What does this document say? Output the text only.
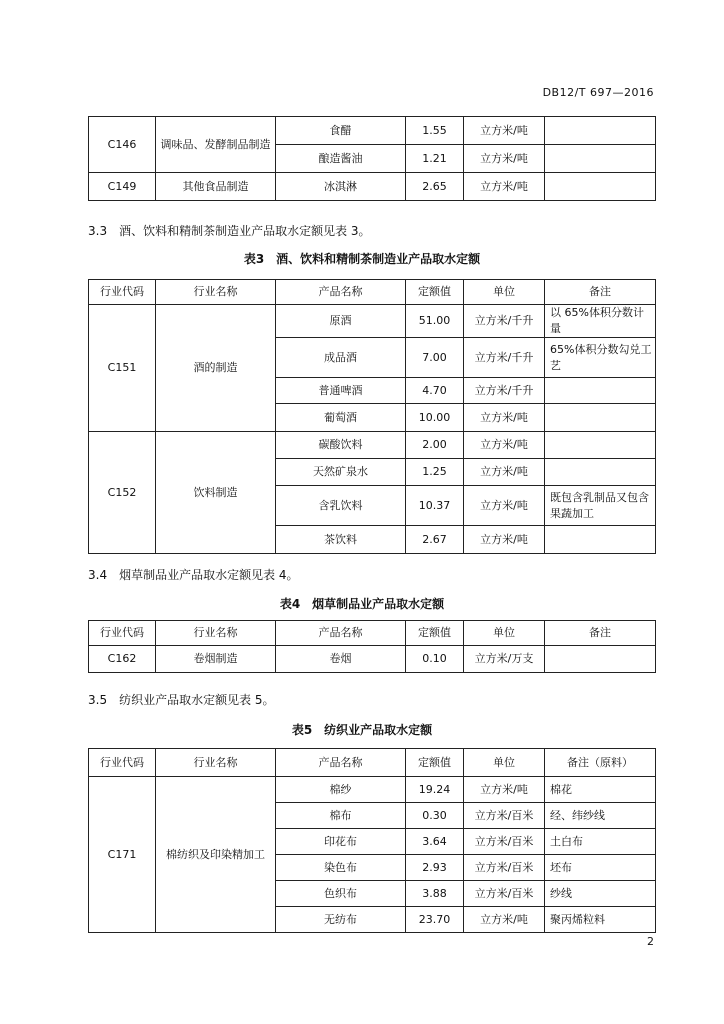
DB12/T 697—2016
C146	调味品、发酵制品制造	食醋	1.55	立方米/吨	
		酿造酱油	1.21	立方米/吨	
C149	其他食品制造	冰淇淋	2.65	立方米/吨	
3.3　酒、饮料和精制茶制造业产品取水定额见表 3。
表3　酒、饮料和精制茶制造业产品取水定额
行业代码	行业名称	产品名称	定额值	单位	备注
C151	酒的制造	原酒	51.00	立方米/千升	以 65%体积分数计量
		成品酒	7.00	立方米/千升	65%体积分数勾兑工艺
		普通啤酒	4.70	立方米/千升	
		葡萄酒	10.00	立方米/吨	
C152	饮料制造	碳酸饮料	2.00	立方米/吨	
		天然矿泉水	1.25	立方米/吨	
		含乳饮料	10.37	立方米/吨	既包含乳制品又包含果蔬加工
		茶饮料	2.67	立方米/吨	
3.4　烟草制品业产品取水定额见表 4。
表4　烟草制品业产品取水定额
行业代码	行业名称	产品名称	定额值	单位	备注
C162	卷烟制造	卷烟	0.10	立方米/万支	
3.5　纺织业产品取水定额见表 5。
表5　纺织业产品取水定额
行业代码	行业名称	产品名称	定额值	单位	备注（原料）
C171	棉纺织及印染精加工	棉纱	19.24	立方米/吨	棉花
		棉布	0.30	立方米/百米	经、纬纱线
		印花布	3.64	立方米/百米	土白布
		染色布	2.93	立方米/百米	坯布
		色织布	3.88	立方米/百米	纱线
		无纺布	23.70	立方米/吨	聚丙烯粒料
2
